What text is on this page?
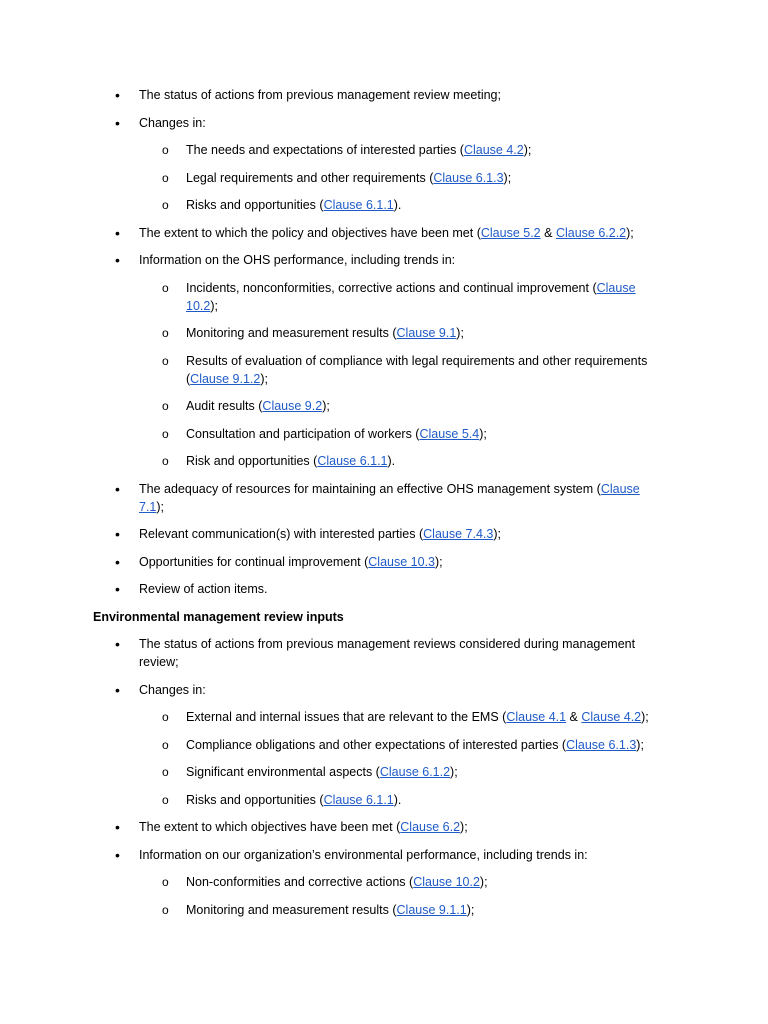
• The status of actions from previous management review meeting;
• Changes in:
o The needs and expectations of interested parties (Clause 4.2);
o Legal requirements and other requirements (Clause 6.1.3);
o Risks and opportunities (Clause 6.1.1).
• The extent to which the policy and objectives have been met (Clause 5.2 & Clause 6.2.2);
• Information on the OHS performance, including trends in:
o Incidents, nonconformities, corrective actions and continual improvement (Clause
10.2);
o Monitoring and measurement results (Clause 9.1);
o Results of evaluation of compliance with legal requirements and other requirements (Clause 9.1.2);
o Audit results (Clause 9.2);
o Consultation and participation of workers (Clause 5.4);
o Risk and opportunities (Clause 6.1.1).
• The adequacy of resources for maintaining an effective OHS management system (Clause
7.1);
• Relevant communication(s) with interested parties (Clause 7.4.3);
• Opportunities for continual improvement (Clause 10.3);
• Review of action items.
Environmental management review inputs
• The status of actions from previous management reviews considered during management review;
• Changes in:
o External and internal issues that are relevant to the EMS (Clause 4.1 & Clause 4.2);
o Compliance obligations and other expectations of interested parties (Clause 6.1.3);
o Significant environmental aspects (Clause 6.1.2);
o Risks and opportunities (Clause 6.1.1).
• The extent to which objectives have been met (Clause 6.2);
• Information on our organization’s environmental performance, including trends in:
o Non-conformities and corrective actions (Clause 10.2);
o Monitoring and measurement results (Clause 9.1.1);
